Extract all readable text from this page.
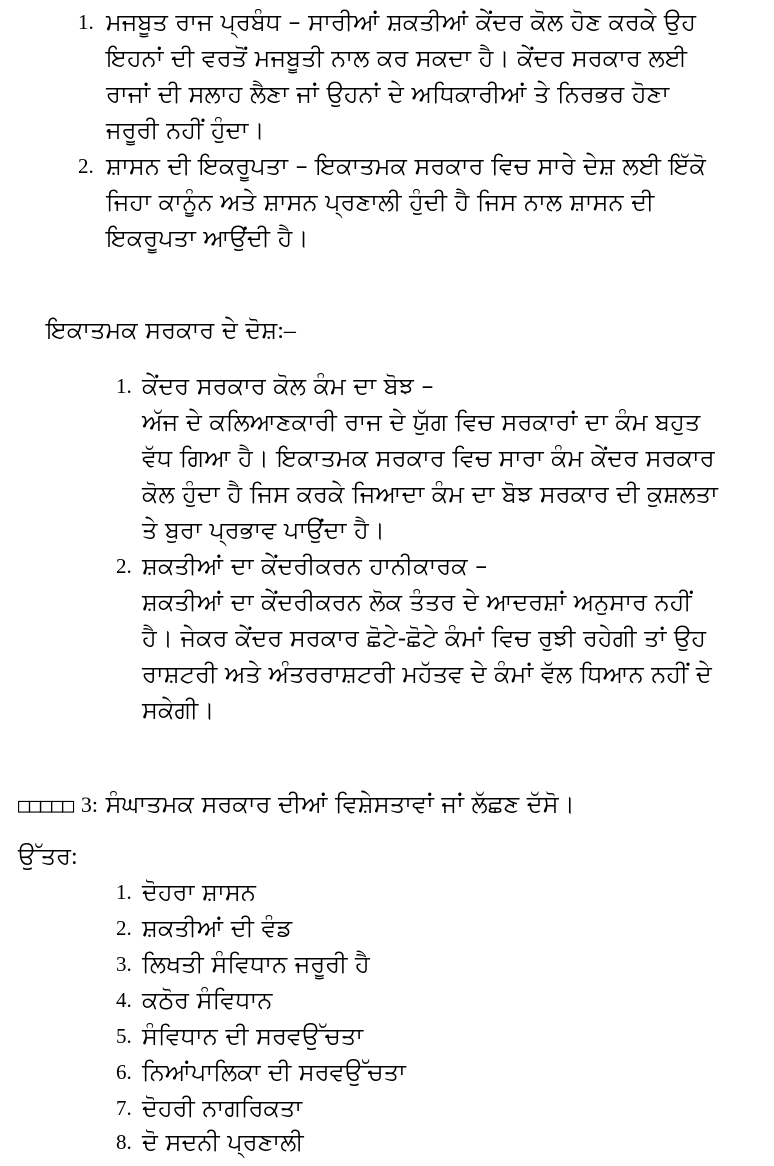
1. ਮਜਬੂਤ ਰਾਜ ਪ੍ਰਬੰਧ – ਸਾਰੀਆਂ ਸ਼ਕਤੀਆਂ ਕੇਂਦਰ ਕੋਲ ਹੋਣ ਕਰਕੇ ਉਹ
ਇਹਨਾਂ ਦੀ ਵਰਤੋਂ ਮਜਬੂਤੀ ਨਾਲ ਕਰ ਸਕਦਾ ਹੈ। ਕੇਂਦਰ ਸਰਕਾਰ ਲਈ
ਰਾਜਾਂ ਦੀ ਸਲਾਹ ਲੈਣਾ ਜਾਂ ਉਹਨਾਂ ਦੇ ਅਧਿਕਾਰੀਆਂ ਤੇ ਨਿਰਭਰ ਹੋਣਾ
ਜਰੂਰੀ ਨਹੀਂ ਹੁੰਦਾ।
2. ਸ਼ਾਸਨ ਦੀ ਇਕਰੂਪਤਾ – ਇਕਾਤਮਕ ਸਰਕਾਰ ਵਿਚ ਸਾਰੇ ਦੇਸ਼ ਲਈ ਇੱਕੋ
ਜਿਹਾ ਕਾਨੂੰਨ ਅਤੇ ਸ਼ਾਸਨ ਪ੍ਰਣਾਲੀ ਹੁੰਦੀ ਹੈ ਜਿਸ ਨਾਲ ਸ਼ਾਸਨ ਦੀ
ਇਕਰੂਪਤਾ ਆਉਂਦੀ ਹੈ।
ਇਕਾਤਮਕ ਸਰਕਾਰ ਦੇ ਦੋਸ਼:–
1. ਕੇਂਦਰ ਸਰਕਾਰ ਕੋਲ ਕੰਮ ਦਾ ਬੋਝ –
ਅੱਜ ਦੇ ਕਲਿਆਣਕਾਰੀ ਰਾਜ ਦੇ ਯੁੱਗ ਵਿਚ ਸਰਕਾਰਾਂ ਦਾ ਕੰਮ ਬਹੁਤ
ਵੱਧ ਗਿਆ ਹੈ। ਇਕਾਤਮਕ ਸਰਕਾਰ ਵਿਚ ਸਾਰਾ ਕੰਮ ਕੇਂਦਰ ਸਰਕਾਰ
ਕੋਲ ਹੁੰਦਾ ਹੈ ਜਿਸ ਕਰਕੇ ਜਿਆਦਾ ਕੰਮ ਦਾ ਬੋਝ ਸਰਕਾਰ ਦੀ ਕੁਸ਼ਲਤਾ
ਤੇ ਬੁਰਾ ਪ੍ਰਭਾਵ ਪਾਉਂਦਾ ਹੈ।
2. ਸ਼ਕਤੀਆਂ ਦਾ ਕੇਂਦਰੀਕਰਨ ਹਾਨੀਕਾਰਕ –
ਸ਼ਕਤੀਆਂ ਦਾ ਕੇਂਦਰੀਕਰਨ ਲੋਕ ਤੰਤਰ ਦੇ ਆਦਰਸ਼ਾਂ ਅਨੁਸਾਰ ਨਹੀਂ
ਹੈ। ਜੇਕਰ ਕੇਂਦਰ ਸਰਕਾਰ ਛੋਟੇ-ਛੋਟੇ ਕੰਮਾਂ ਵਿਚ ਰੁਝੀ ਰਹੇਗੀ ਤਾਂ ਉਹ
ਰਾਸ਼ਟਰੀ ਅਤੇ ਅੰਤਰਰਾਸ਼ਟਰੀ ਮਹੱਤਵ ਦੇ ਕੰਮਾਂ ਵੱਲ ਧਿਆਨ ਨਹੀਂ ਦੇ
ਸਕੇਗੀ।
□□□□□ 3: ਸੰਘਾਤਮਕ ਸਰਕਾਰ ਦੀਆਂ ਵਿਸ਼ੇਸਤਾਵਾਂ ਜਾਂ ਲੱਛਣ ਦੱਸੋ।
ਉੱਤਰ:
1. ਦੋਹਰਾ ਸ਼ਾਸਨ
2. ਸ਼ਕਤੀਆਂ ਦੀ ਵੰਡ
3. ਲਿਖਤੀ ਸੰਵਿਧਾਨ ਜਰੂਰੀ ਹੈ
4. ਕਠੋਰ ਸੰਵਿਧਾਨ
5. ਸੰਵਿਧਾਨ ਦੀ ਸਰਵਉੱਚਤਾ
6. ਨਿਆਂਪਾਲਿਕਾ ਦੀ ਸਰਵਉੱਚਤਾ
7. ਦੋਹਰੀ ਨਾਗਰਿਕਤਾ
8. ਦੋ ਸਦਨੀ ਪ੍ਰਣਾਲੀ
